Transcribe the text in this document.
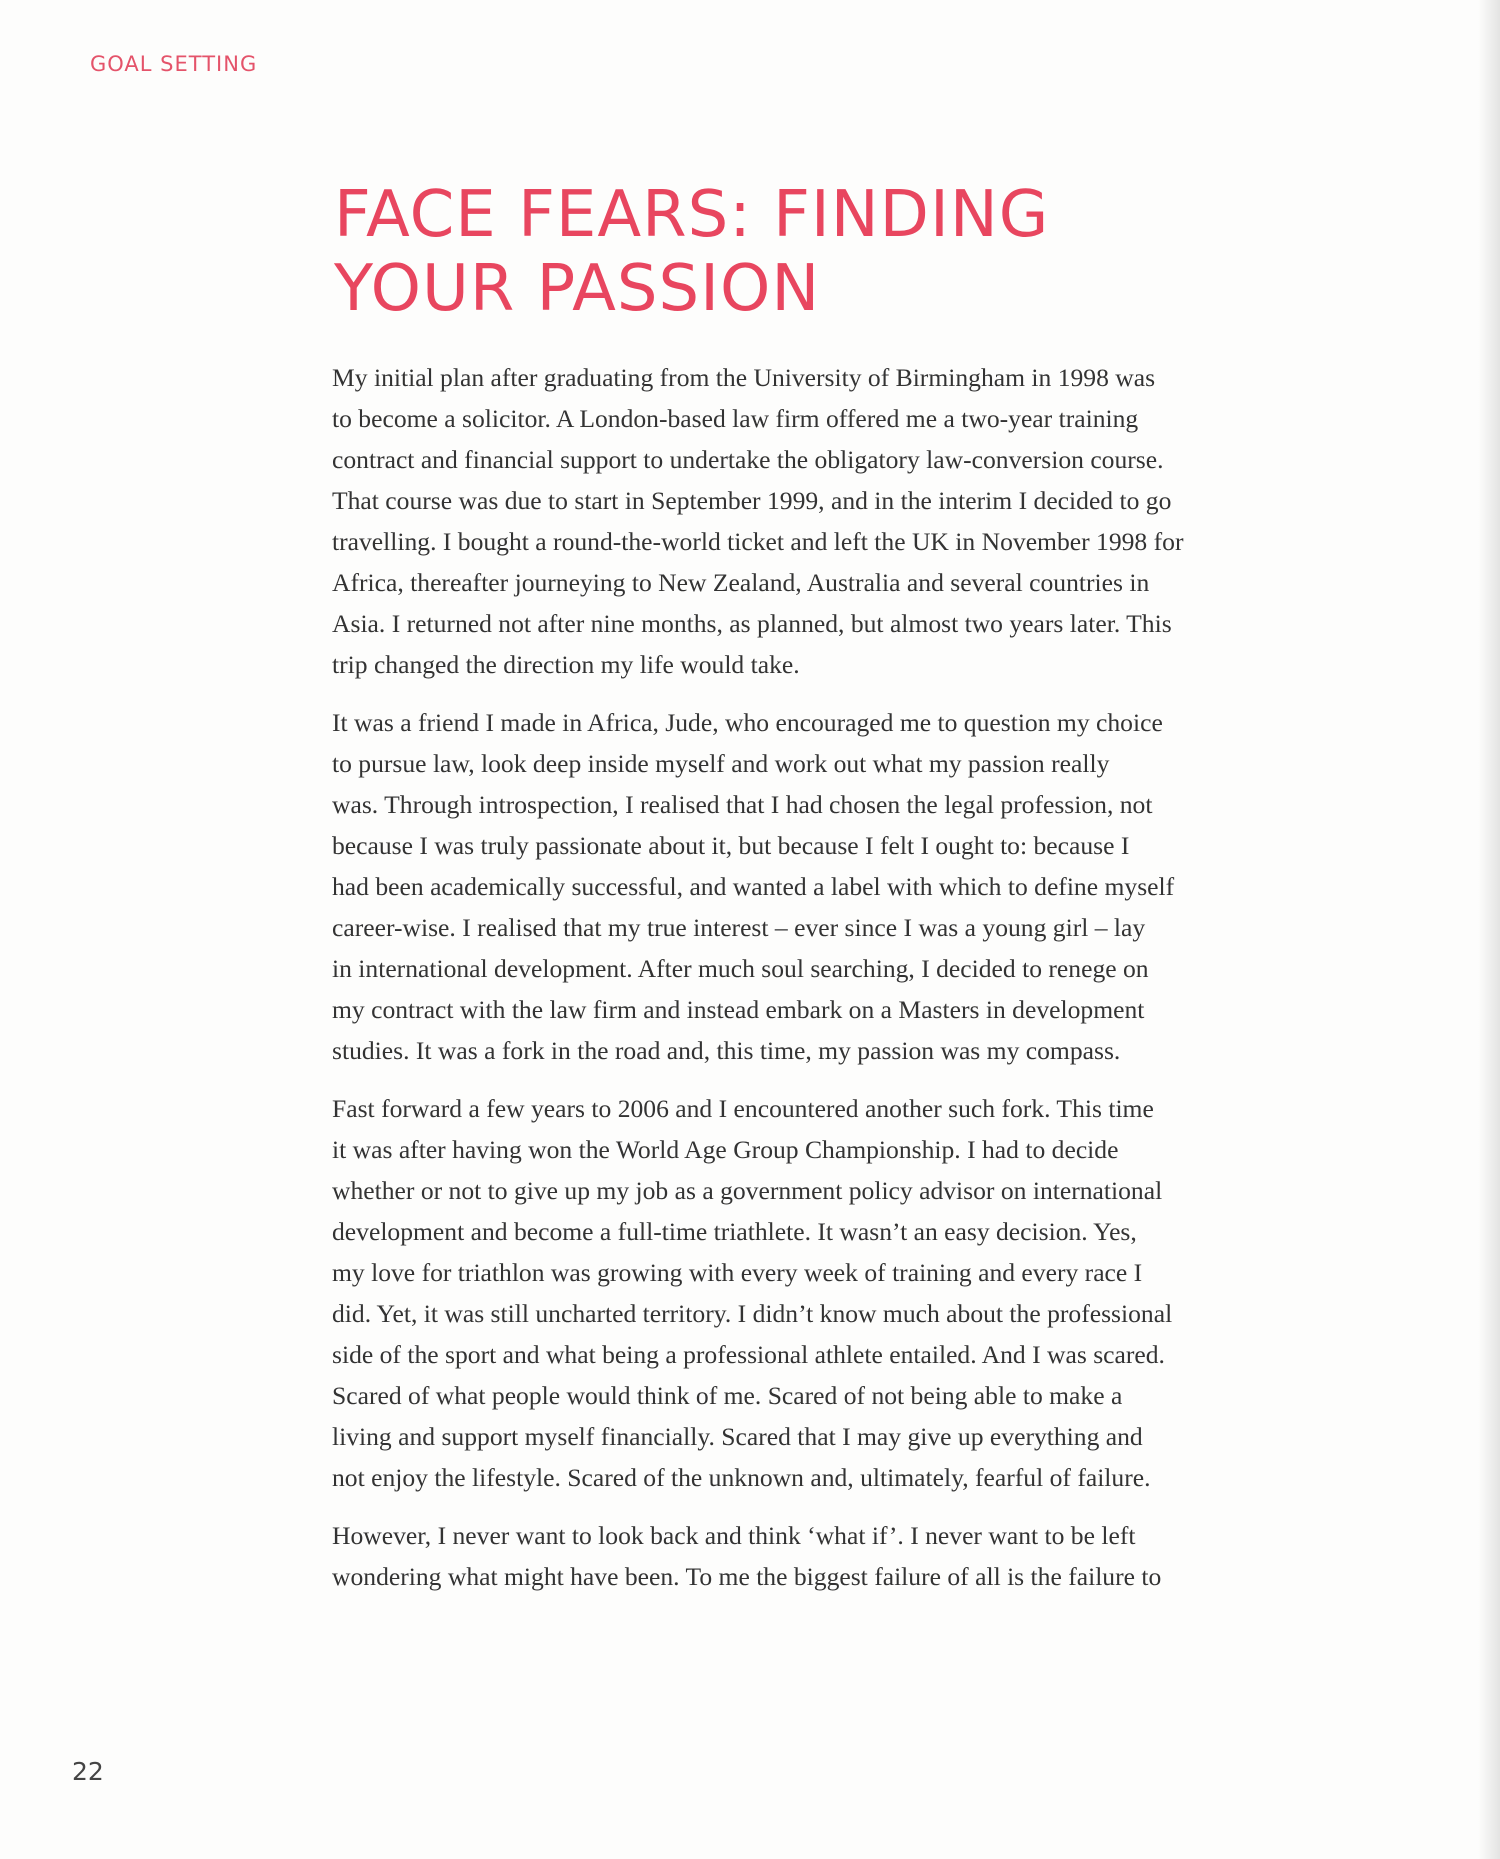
GOAL SETTING

FACE FEARS: FINDING
YOUR PASSION

My initial plan after graduating from the University of Birmingham in 1998 was
to become a solicitor. A London-based law firm offered me a two-year training
contract and financial support to undertake the obligatory law-conversion course.
That course was due to start in September 1999, and in the interim I decided to go
travelling. I bought a round-the-world ticket and left the UK in November 1998 for
Africa, thereafter journeying to New Zealand, Australia and several countries in
Asia. I returned not after nine months, as planned, but almost two years later. This
trip changed the direction my life would take.

It was a friend I made in Africa, Jude, who encouraged me to question my choice
to pursue law, look deep inside myself and work out what my passion really
was. Through introspection, I realised that I had chosen the legal profession, not
because I was truly passionate about it, but because I felt I ought to: because I
had been academically successful, and wanted a label with which to define myself
career-wise. I realised that my true interest – ever since I was a young girl – lay
in international development. After much soul searching, I decided to renege on
my contract with the law firm and instead embark on a Masters in development
studies. It was a fork in the road and, this time, my passion was my compass.

Fast forward a few years to 2006 and I encountered another such fork. This time
it was after having won the World Age Group Championship. I had to decide
whether or not to give up my job as a government policy advisor on international
development and become a full-time triathlete. It wasn’t an easy decision. Yes,
my love for triathlon was growing with every week of training and every race I
did. Yet, it was still uncharted territory. I didn’t know much about the professional
side of the sport and what being a professional athlete entailed. And I was scared.
Scared of what people would think of me. Scared of not being able to make a
living and support myself financially. Scared that I may give up everything and
not enjoy the lifestyle. Scared of the unknown and, ultimately, fearful of failure.

However, I never want to look back and think ‘what if’. I never want to be left
wondering what might have been. To me the biggest failure of all is the failure to

22
